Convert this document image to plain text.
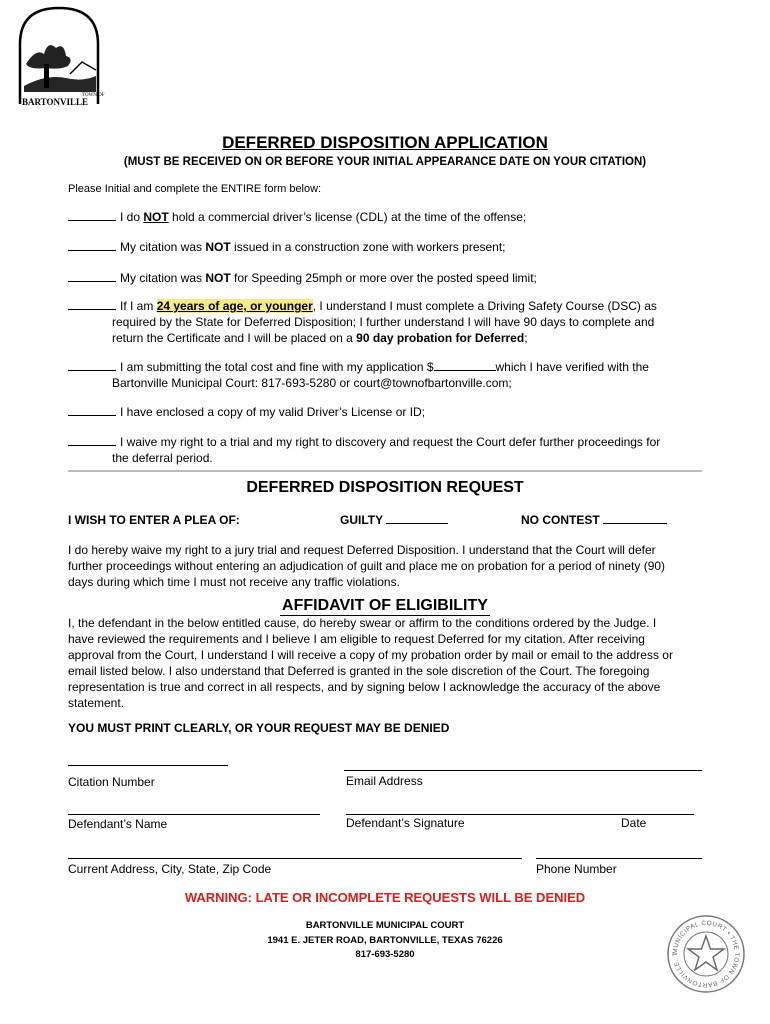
TOWN OF
BARTONVILLE
DEFERRED DISPOSITION APPLICATION
(MUST BE RECEIVED ON OR BEFORE YOUR INITIAL APPEARANCE DATE ON YOUR CITATION)
Please Initial and complete the ENTIRE form below:
I do NOT hold a commercial driver’s license (CDL) at the time of the offense;
My citation was NOT issued in a construction zone with workers present;
My citation was NOT for Speeding 25mph or more over the posted speed limit;
If I am 24 years of age, or younger, I understand I must complete a Driving Safety Course (DSC) as
required by the State for Deferred Disposition; I further understand I will have 90 days to complete and
return the Certificate and I will be placed on a 90 day probation for Deferred;
I am submitting the total cost and fine with my application $	which I have verified with the
Bartonville Municipal Court: 817-693-5280 or court@townofbartonville.com;
I have enclosed a copy of my valid Driver’s License or ID;
I waive my right to a trial and my right to discovery and request the Court defer further proceedings for
the deferral period.
DEFERRED DISPOSITION REQUEST
I WISH TO ENTER A PLEA OF:	GUILTY	NO CONTEST
I do hereby waive my right to a jury trial and request Deferred Disposition. I understand that the Court will defer
further proceedings without entering an adjudication of guilt and place me on probation for a period of ninety (90)
days during which time I must not receive any traffic violations.
AFFIDAVIT OF ELIGIBILITY
I, the defendant in the below entitled cause, do hereby swear or affirm to the conditions ordered by the Judge. I
have reviewed the requirements and I believe I am eligible to request Deferred for my citation. After receiving
approval from the Court, I understand I will receive a copy of my probation order by mail or email to the address or
email listed below. I also understand that Deferred is granted in the sole discretion of the Court. The foregoing
representation is true and correct in all respects, and by signing below I acknowledge the accuracy of the above
statement.
YOU MUST PRINT CLEARLY, OR YOUR REQUEST MAY BE DENIED
Citation Number	Email Address
Defendant’s Name	Defendant’s Signature	Date
Current Address, City, State, Zip Code	Phone Number
WARNING: LATE OR INCOMPLETE REQUESTS WILL BE DENIED
BARTONVILLE MUNICIPAL COURT
1941 E. JETER ROAD, BARTONVILLE, TEXAS 76226
817-693-5280	MUNICIPAL COURT • THE TOWN OF BARTONVILLE, T
